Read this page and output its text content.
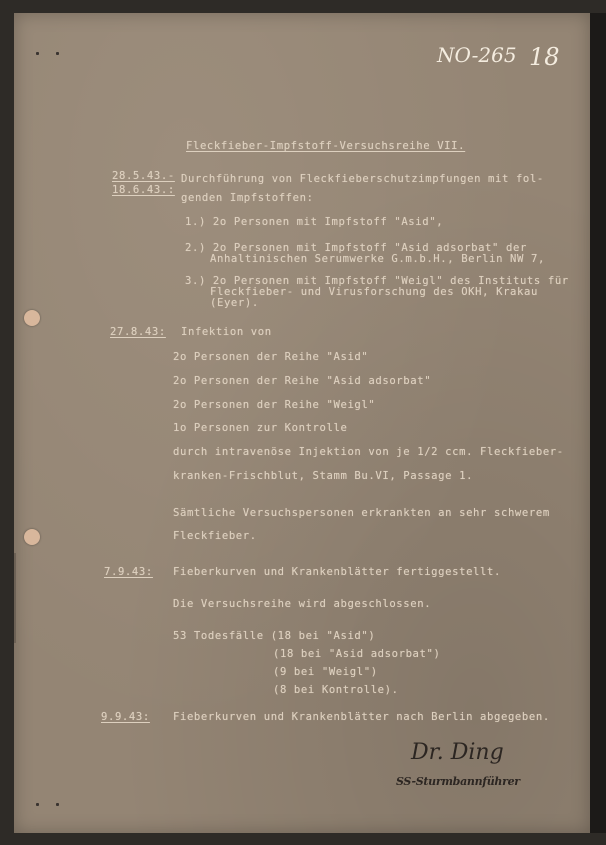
NO-265 18

Fleckfieber-Impfstoff-Versuchsreihe VII.

28.5.43.-

18.6.43.:

Durchführung von Fleckfieberschutzimpfungen mit fol-

genden Impfstoffen:

1.) 2o Personen mit Impfstoff "Asid",

2.) 2o Personen mit Impfstoff "Asid adsorbat" der

Anhaltinischen Serumwerke G.m.b.H., Berlin NW 7,

3.) 2o Personen mit Impfstoff "Weigl" des Instituts für

Fleckfieber- und Virusforschung des OKH, Krakau

(Eyer).

27.8.43: Infektion von

2o Personen der Reihe "Asid"

2o Personen der Reihe "Asid adsorbat"

2o Personen der Reihe "Weigl"

1o Personen zur Kontrolle

durch intravenöse Injektion von je 1/2 ccm. Fleckfieber-

kranken-Frischblut, Stamm Bu.VI, Passage 1.

Sämtliche Versuchspersonen erkrankten an sehr schwerem

Fleckfieber.

7.9.43: Fieberkurven und Krankenblätter fertiggestellt.

Die Versuchsreihe wird abgeschlossen.

53 Todesfälle (18 bei "Asid")

(18 bei "Asid adsorbat")

(9 bei "Weigl")

(8 bei Kontrolle).

9.9.43: Fieberkurven und Krankenblätter nach Berlin abgegeben.

Dr. Ding
SS-Sturmbannführer
